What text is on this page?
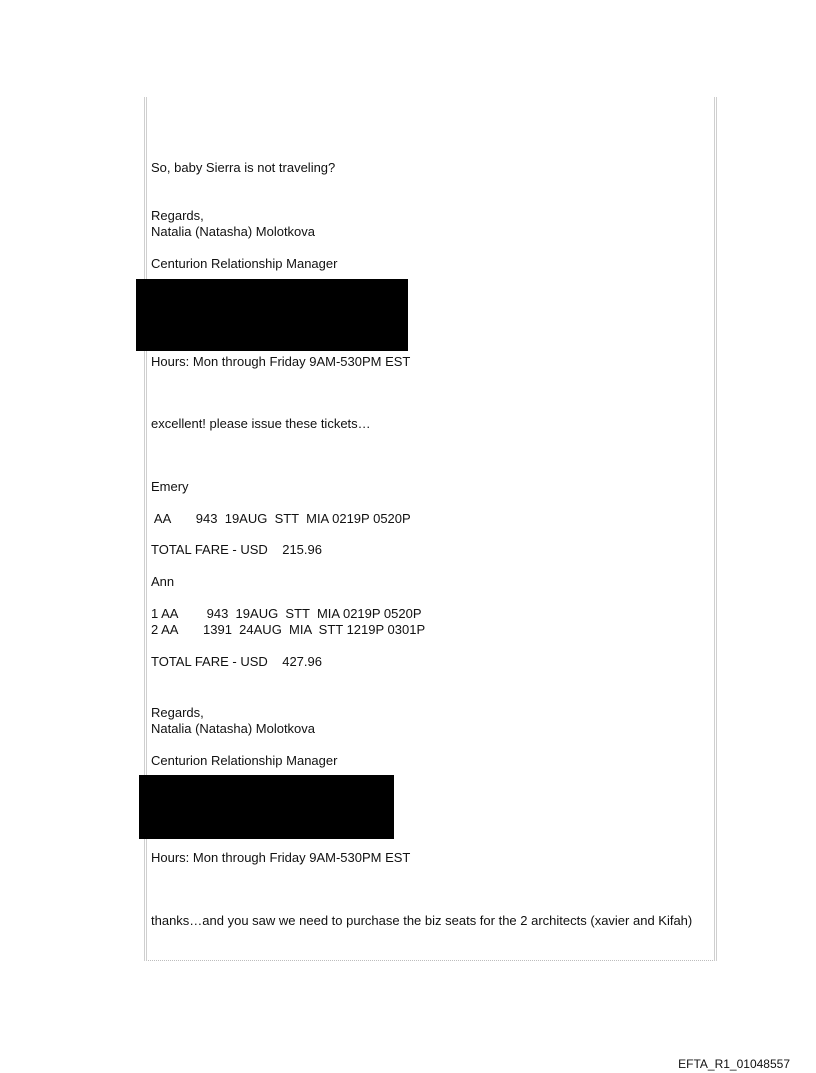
So, baby Sierra is not traveling?
Regards,
Natalia (Natasha) Molotkova
Centurion Relationship Manager
Hours: Mon through Friday 9AM-530PM EST
excellent! please issue these tickets…
Emery
AA       943  19AUG  STT  MIA 0219P 0520P
TOTAL FARE - USD    215.96
Ann
1 AA        943  19AUG  STT  MIA 0219P 0520P
2 AA       1391  24AUG  MIA  STT 1219P 0301P
TOTAL FARE - USD    427.96
Regards,
Natalia (Natasha) Molotkova
Centurion Relationship Manager
Hours: Mon through Friday 9AM-530PM EST
thanks…and you saw we need to purchase the biz seats for the 2 architects (xavier and Kifah)
EFTA_R1_01048557
